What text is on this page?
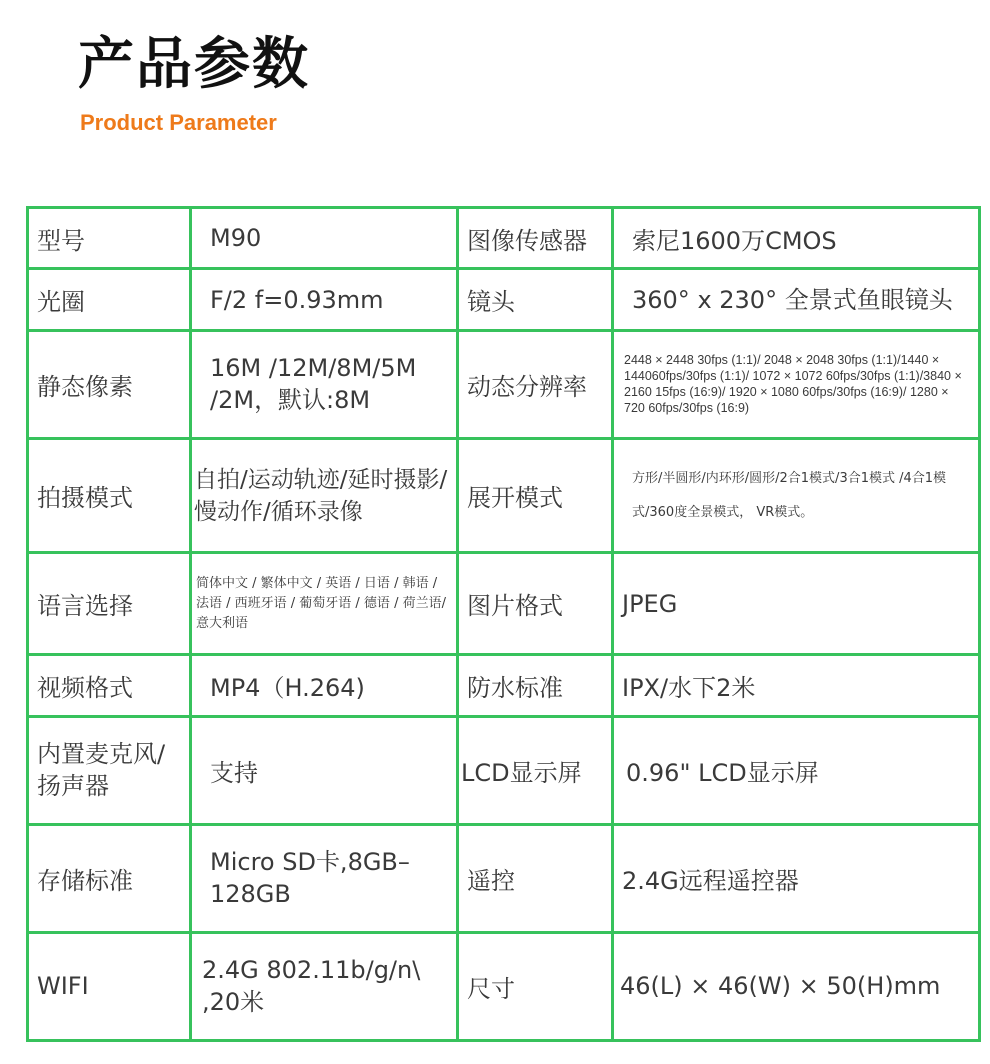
产品参数
Product Parameter
型号	M90	图像传感器	索尼1600万CMOS
光圈	F/2 f=0.93mm	镜头	360° x 230° 全景式鱼眼镜头
静态像素	16M /12M/8M/5M /2M，默认:8M	动态分辨率	2448 × 2448 30fps (1:1)/ 2048 × 2048 30fps (1:1)/1440 × 144060fps/30fps (1:1)/ 1072 × 1072 60fps/30fps (1:1)/3840 × 2160 15fps (16:9)/ 1920 × 1080 60fps/30fps (16:9)/ 1280 × 720 60fps/30fps (16:9)
拍摄模式	自拍/运动轨迹/延时摄影/慢动作/循环录像	展开模式	方形/半圆形/内环形/圆形/2合1模式/3合1模式 /4合1模式/360度全景模式， VR模式。
语言选择	简体中文 / 繁体中文 / 英语 / 日语 / 韩语 / 法语 / 西班牙语 / 葡萄牙语 / 德语 / 荷兰语/ 意大利语	图片格式	JPEG
视频格式	MP4（H.264)	防水标准	IPX/水下2米
内置麦克风/扬声器	支持	LCD显示屏	0.96" LCD显示屏
存储标准	Micro SD卡,8GB–128GB	遥控	2.4G远程遥控器
WIFI	2.4G 802.11b/g/n\ ,20米	尺寸	46(L) × 46(W) × 50(H)mm
